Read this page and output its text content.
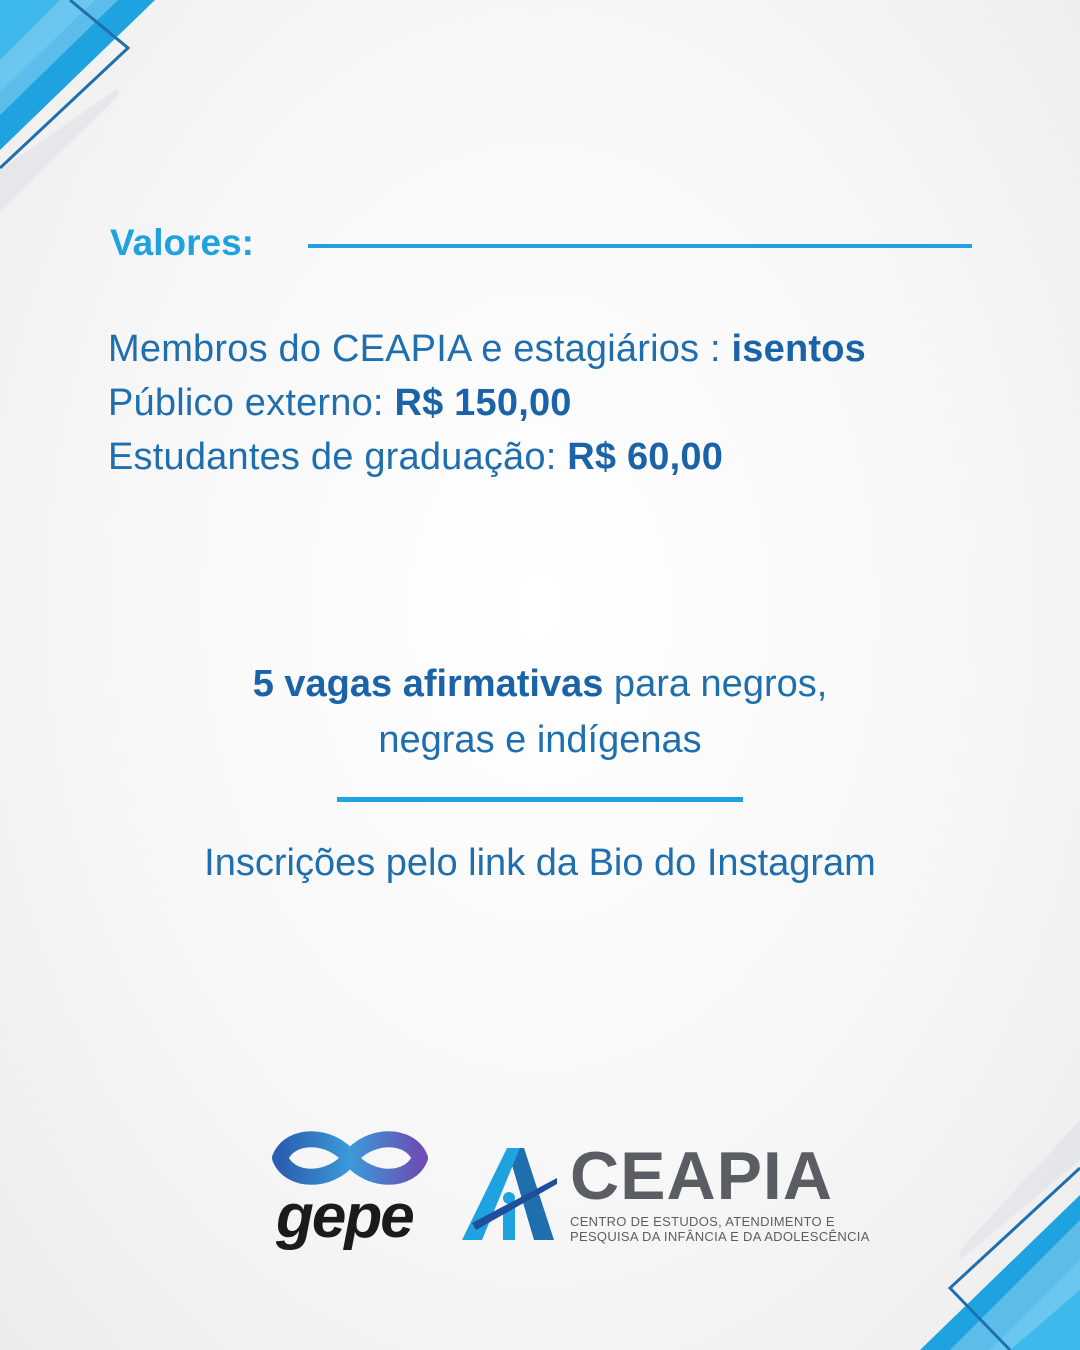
Valores:
Membros do CEAPIA e estagiários : isentos
Público externo: R$ 150,00
Estudantes de graduação: R$ 60,00
5 vagas afirmativas para negros,
negras e indígenas
Inscrições pelo link da Bio do Instagram
gepe
CEAPIA
CENTRO DE ESTUDOS, ATENDIMENTO E
PESQUISA DA INFÂNCIA E DA ADOLESCÊNCIA
